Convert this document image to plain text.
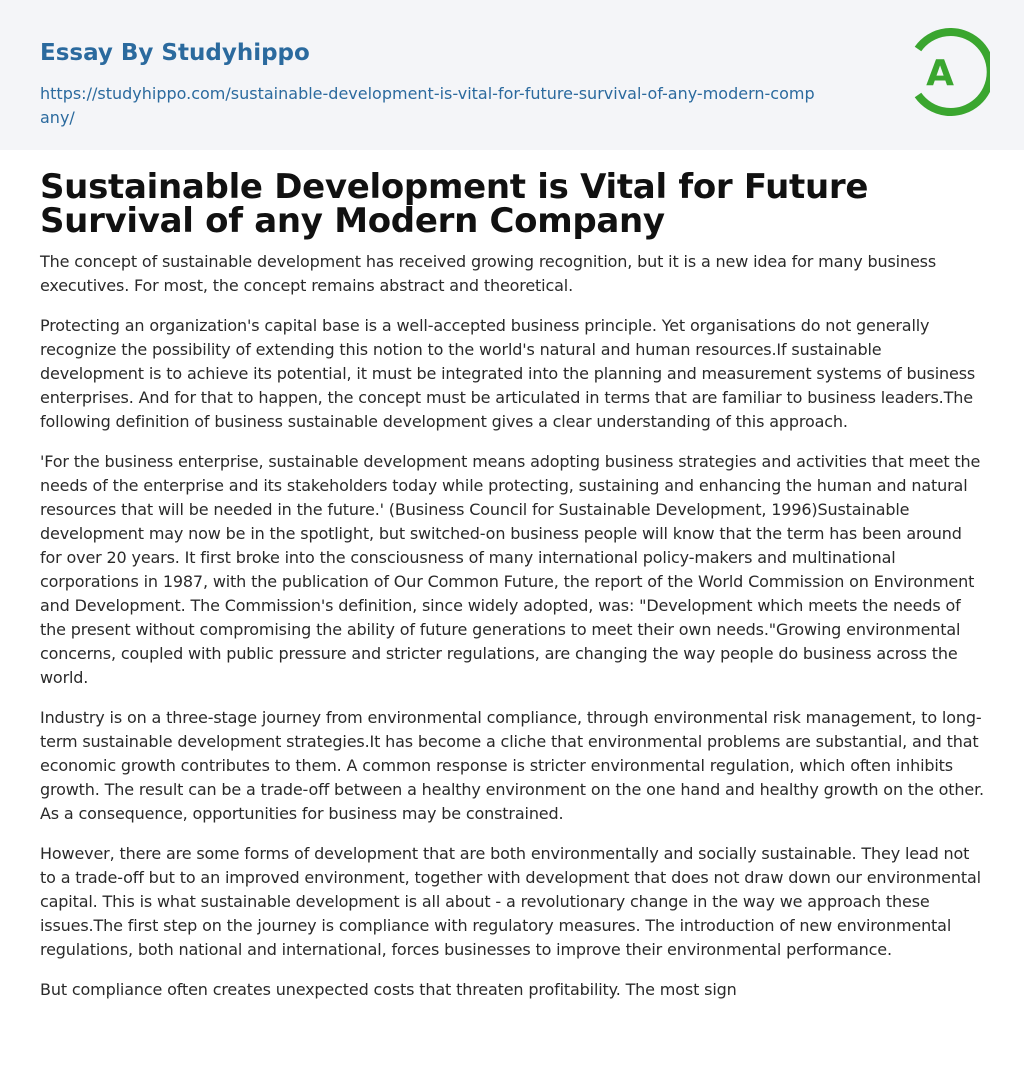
Essay By Studyhippo

https://studyhippo.com/sustainable-development-is-vital-for-future-survival-of-any-modern-company/
A
Sustainable Development is Vital for Future Survival of any Modern Company

The concept of sustainable development has received growing recognition, but it is a new idea for many business executives. For most, the concept remains abstract and theoretical.

Protecting an organization's capital base is a well-accepted business principle. Yet organisations do not generally recognize the possibility of extending this notion to the world's natural and human resources.If sustainable development is to achieve its potential, it must be integrated into the planning and measurement systems of business enterprises. And for that to happen, the concept must be articulated in terms that are familiar to business leaders.The following definition of business sustainable development gives a clear understanding of this approach.

'For the business enterprise, sustainable development means adopting business strategies and activities that meet the needs of the enterprise and its stakeholders today while protecting, sustaining and enhancing the human and natural resources that will be needed in the future.' (Business Council for Sustainable Development, 1996)Sustainable development may now be in the spotlight, but switched-on business people will know that the term has been around for over 20 years. It first broke into the consciousness of many international policy-makers and multinational corporations in 1987, with the publication of Our Common Future, the report of the World Commission on Environment and Development. The Commission's definition, since widely adopted, was: "Development which meets the needs of the present without compromising the ability of future generations to meet their own needs."Growing environmental concerns, coupled with public pressure and stricter regulations, are changing the way people do business across the world.

Industry is on a three-stage journey from environmental compliance, through environmental risk management, to long-term sustainable development strategies.It has become a cliche that environmental problems are substantial, and that economic growth contributes to them. A common response is stricter environmental regulation, which often inhibits growth. The result can be a trade-off between a healthy environment on the one hand and healthy growth on the other. As a consequence, opportunities for business may be constrained.

However, there are some forms of development that are both environmentally and socially sustainable. They lead not to a trade-off but to an improved environment, together with development that does not draw down our environmental capital. This is what sustainable development is all about - a revolutionary change in the way we approach these issues.The first step on the journey is compliance with regulatory measures. The introduction of new environmental regulations, both national and international, forces businesses to improve their environmental performance.

But compliance often creates unexpected costs that threaten profitability. The most sign
